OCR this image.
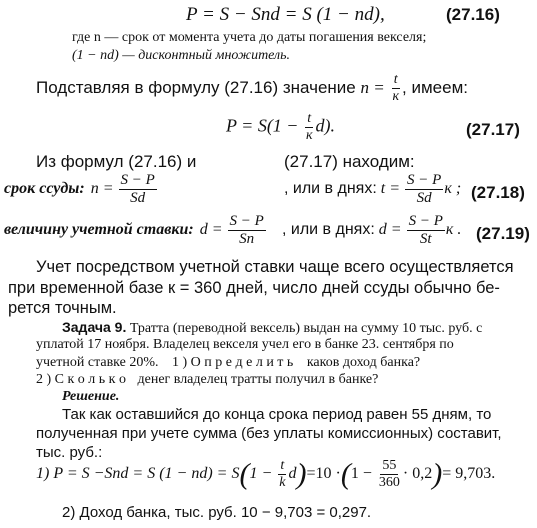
P = S − Snd = S (1 − nd),	(27.16)
где n — срок от момента учета до даты погашения векселя;
(1 − nd) — дисконтный множитель.
Подставляя в формулу (27.16) значение $n = \frac{t}{к}$ , имеем:
$P = S(1 - \frac{t}{к} d)$.	(27.17)
Из формул (27.16) и	(27.17) находим:
срок ссуды: $n = \frac{S - P}{Sd}$	, или в днях: $t = \frac{S - P}{Sd}$ к ; (27.18)
величину учетной ставки: $d = \frac{S - P}{Sn}$ , или в днях: $d = \frac{S - P}{St}$ к . (27.19)
Учет посредством учетной ставки чаще всего осуществляется
при временной базе к = 360 дней, число дней ссуды обычно бе-
рется точным.
Задача 9. Тратта (переводной вексель) выдан на сумму 10 тыс. руб. с
уплатой 17 ноября. Владелец векселя учел его в банке 23. сентября по
учетной ставке 20%. 1 ) О п р е д е л и т ь каков доход банка?
2 ) С к о л ь к о денег владелец тратты получил в банке?
Решение.
Так как оставшийся до конца срока период равен 55 дням, то
полученная при учете сумма (без уплаты комиссионных) составит,
тыс. руб.:
1) P = S −Snd = S $(1 - nd) = S(1 - \frac{t}{k} d)=10 \cdot(1 - \frac{55}{360} \cdot 0,2)= 9,703$.
2) Доход банка, тыс. руб. 10 − 9,703 = 0,297.
